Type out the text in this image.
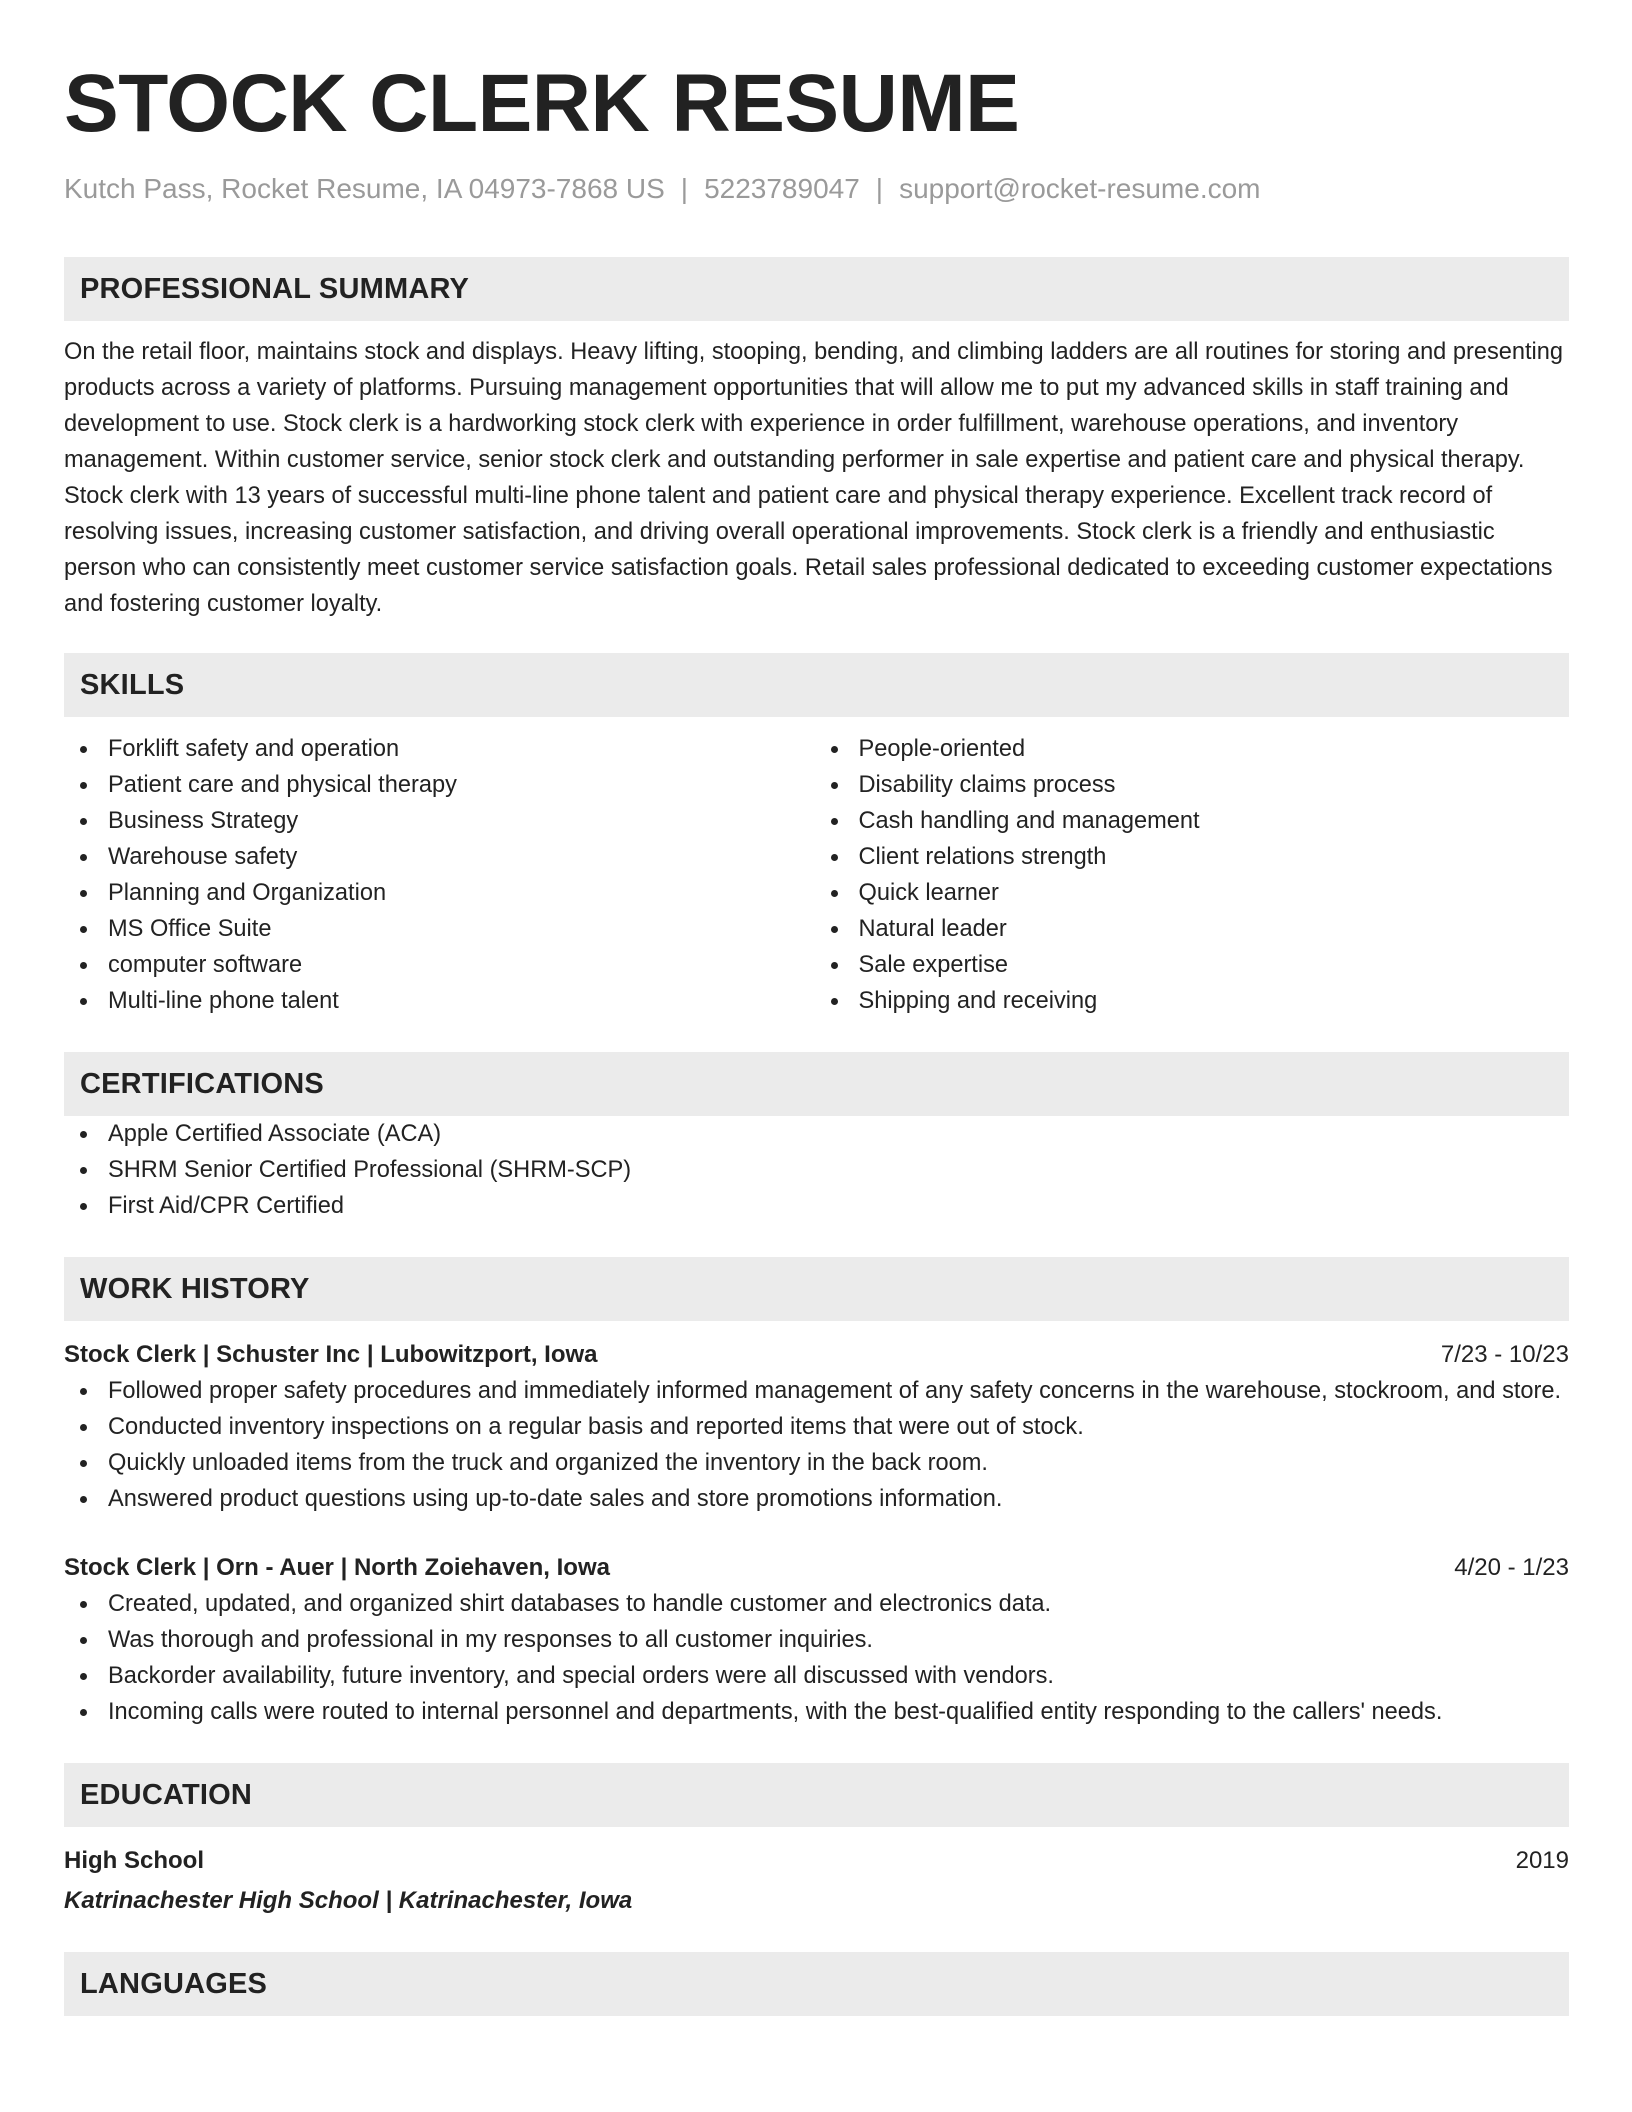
STOCK CLERK RESUME
Kutch Pass, Rocket Resume, IA 04973-7868 US | 5223789047 | support@rocket-resume.com
PROFESSIONAL SUMMARY

On the retail floor, maintains stock and displays. Heavy lifting, stooping, bending, and climbing ladders are all routines for storing and presenting products across a variety of platforms. Pursuing management opportunities that will allow me to put my advanced skills in staff training and development to use. Stock clerk is a hardworking stock clerk with experience in order fulfillment, warehouse operations, and inventory management. Within customer service, senior stock clerk and outstanding performer in sale expertise and patient care and physical therapy. Stock clerk with 13 years of successful multi-line phone talent and patient care and physical therapy experience. Excellent track record of resolving issues, increasing customer satisfaction, and driving overall operational improvements. Stock clerk is a friendly and enthusiastic person who can consistently meet customer service satisfaction goals. Retail sales professional dedicated to exceeding customer expectations and fostering customer loyalty.

SKILLS
Forklift safety and operation
Patient care and physical therapy
Business Strategy
Warehouse safety
Planning and Organization
MS Office Suite
computer software
Multi-line phone talent
People-oriented
Disability claims process
Cash handling and management
Client relations strength
Quick learner
Natural leader
Sale expertise
Shipping and receiving
CERTIFICATIONS
Apple Certified Associate (ACA)
SHRM Senior Certified Professional (SHRM-SCP)
First Aid/CPR Certified
WORK HISTORY
Stock Clerk | Schuster Inc | Lubowitzport, Iowa	7/23 - 10/23
Followed proper safety procedures and immediately informed management of any safety concerns in the warehouse, stockroom, and store.
Conducted inventory inspections on a regular basis and reported items that were out of stock.
Quickly unloaded items from the truck and organized the inventory in the back room.
Answered product questions using up-to-date sales and store promotions information.
Stock Clerk | Orn - Auer | North Zoiehaven, Iowa	4/20 - 1/23
Created, updated, and organized shirt databases to handle customer and electronics data.
Was thorough and professional in my responses to all customer inquiries.
Backorder availability, future inventory, and special orders were all discussed with vendors.
Incoming calls were routed to internal personnel and departments, with the best-qualified entity responding to the callers' needs.
EDUCATION
High School	2019
Katrinachester High School | Katrinachester, Iowa
LANGUAGES
